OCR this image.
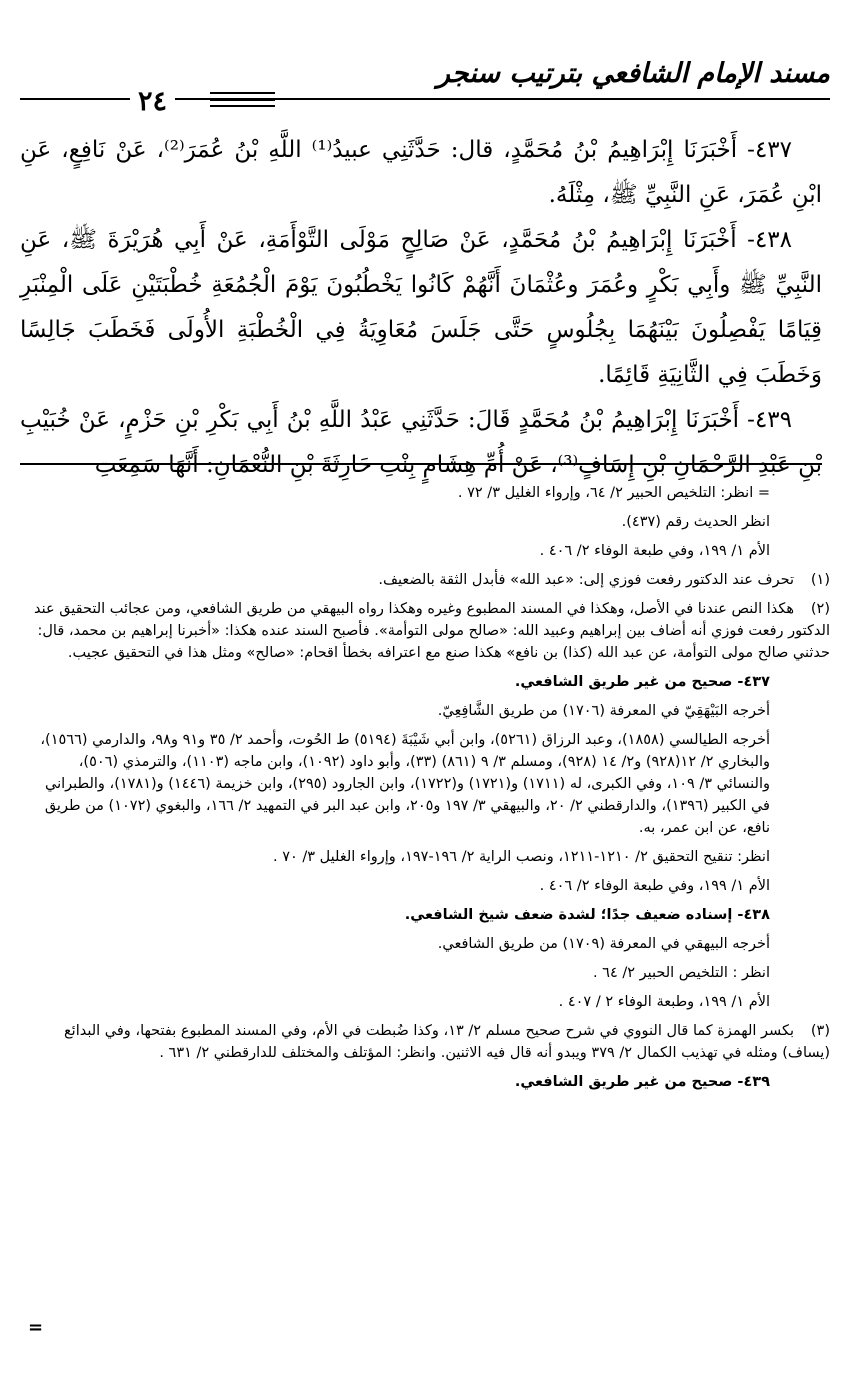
مسند الإمام الشافعي بترتيب سنجر
٢٤

٤٣٧- أَخْبَرَنَا إِبْرَاهِيمُ بْنُ مُحَمَّدٍ، قال: حَدَّثَنِي عبيدُ⁽¹⁾ اللَّهِ بْنُ عُمَرَ⁽²⁾، عَنْ نَافِعٍ، عَنِ ابْنِ عُمَرَ، عَنِ النَّبِيِّ ﷺ، مِثْلَهُ.

٤٣٨- أَخْبَرَنَا إِبْرَاهِيمُ بْنُ مُحَمَّدٍ، عَنْ صَالِحٍ مَوْلَى التَّوْأَمَةِ، عَنْ أَبِي هُرَيْرَةَ ﷺ، عَنِ النَّبِيِّ ﷺ وأَبِي بَكْرٍ وعُمَرَ وعُثْمَانَ أَنَّهُمْ كَانُوا يَخْطُبُونَ يَوْمَ الْجُمُعَةِ خُطْبَتَيْنِ عَلَى الْمِنْبَرِ قِيَامًا يَفْصِلُونَ بَيْنَهُمَا بِجُلُوسٍ حَتَّى جَلَسَ مُعَاوِيَةُ فِي الْخُطْبَةِ الأُولَى فَخَطَبَ جَالِسًا وَخَطَبَ فِي الثَّانِيَةِ قَائِمًا.

٤٣٩- أَخْبَرَنَا إِبْرَاهِيمُ بْنُ مُحَمَّدٍ قَالَ: حَدَّثَنِي عَبْدُ اللَّهِ بْنُ أَبِي بَكْرِ بْنِ حَزْمٍ، عَنْ خُبَيْبِ بْنِ عَبْدِ الرَّحْمَانِ بْنِ إِسَافٍ⁽³⁾، عَنْ أُمِّ هِشَامٍ بِنْتِ حَارِثَةَ بْنِ النُّعْمَانِ: أَنَّهَا سَمِعَتِ

= انظر: التلخيص الحبير ٢/ ٦٤، وإرواء الغليل ٣/ ٧٢ .

انظر الحديث رقم (٤٣٧).

الأم ١/ ١٩٩، وفي طبعة الوفاء ٢/ ٤٠٦ .

(١)تحرف عند الدكتور رفعت فوزي إلى: «عبد الله» فأبدل الثقة بالضعيف.

(٢)هكذا النص عندنا في الأصل، وهكذا في المسند المطبوع وغيره وهكذا رواه البيهقي من طريق الشافعي، ومن عجائب التحقيق عند الدكتور رفعت فوزي أنه أضاف بين إبراهيم وعبيد الله: «صالح مولى التوأمة». فأصبح السند عنده هكذا: «أخبرنا إبراهيم بن محمد، قال: حدثني صالح مولى التوأمة، عن عبد الله (كذا) بن نافع» هكذا صنع مع اعترافه بخطأ اقحام: «صالح» ومثل هذا في التحقيق عجيب.

٤٣٧- صحيح من غير طريق الشافعي.

أخرجه البَيْهَقِيّ في المعرفة (١٧٠٦) من طريق الشَّافِعِيّ.

أخرجه الطيالسي (١٨٥٨)، وعبد الرزاق (٥٢٦١)، وابن أبي شَيْبَةَ (٥١٩٤) ط الحُوت، وأحمد ٢/ ٣٥ و٩١ و٩٨، والدارمي (١٥٦٦)، والبخاري ٢/ ١٢(٩٢٨) و٢/ ١٤ (٩٢٨)، ومسلم ٣/ ٩ (٨٦١) (٣٣)، وأبو داود (١٠٩٢)، وابن ماجه (١١٠٣)، والترمذي (٥٠٦)، والنسائي ٣/ ١٠٩، وفي الكبرى، له (١٧١١) و(١٧٢١) و(١٧٢٢)، وابن الجارود (٢٩٥)، وابن خزيمة (١٤٤٦) و(١٧٨١)، والطبراني في الكبير (١٣٩٦)، والدارقطني ٢/ ٢٠، والبيهقي ٣/ ١٩٧ و٢٠٥، وابن عبد البر في التمهيد ٢/ ١٦٦، والبغوي (١٠٧٢) من طريق نافع، عن ابن عمر، به.

انظر: تنقيح التحقيق ٢/ ١٢١٠-١٢١١، ونصب الراية ٢/ ١٩٦-١٩٧، وإرواء الغليل ٣/ ٧٠ .

الأم ١/ ١٩٩، وفي طبعة الوفاء ٢/ ٤٠٦ .

٤٣٨- إسناده ضعيف جدًا؛ لشدة ضعف شيخ الشافعي.

أخرجه البيهقي في المعرفة (١٧٠٩) من طريق الشافعي.

انظر : التلخيص الحبير ٢/ ٦٤ .

الأم ١/ ١٩٩، وطبعة الوفاء ٢ / ٤٠٧ .

(٣)بكسر الهمزة كما قال النووي في شرح صحيح مسلم ٢/ ١٣، وكذا ضُبطت في الأم، وفي المسند المطبوع بفتحها، وفي البدائع (يساف) ومثله في تهذيب الكمال ٢/ ٣٧٩ ويبدو أنه قال فيه الاثنين. وانظر: المؤتلف والمختلف للدارقطني ٢/ ٦٣١ .

٤٣٩- صحيح من غير طريق الشافعي.

=
